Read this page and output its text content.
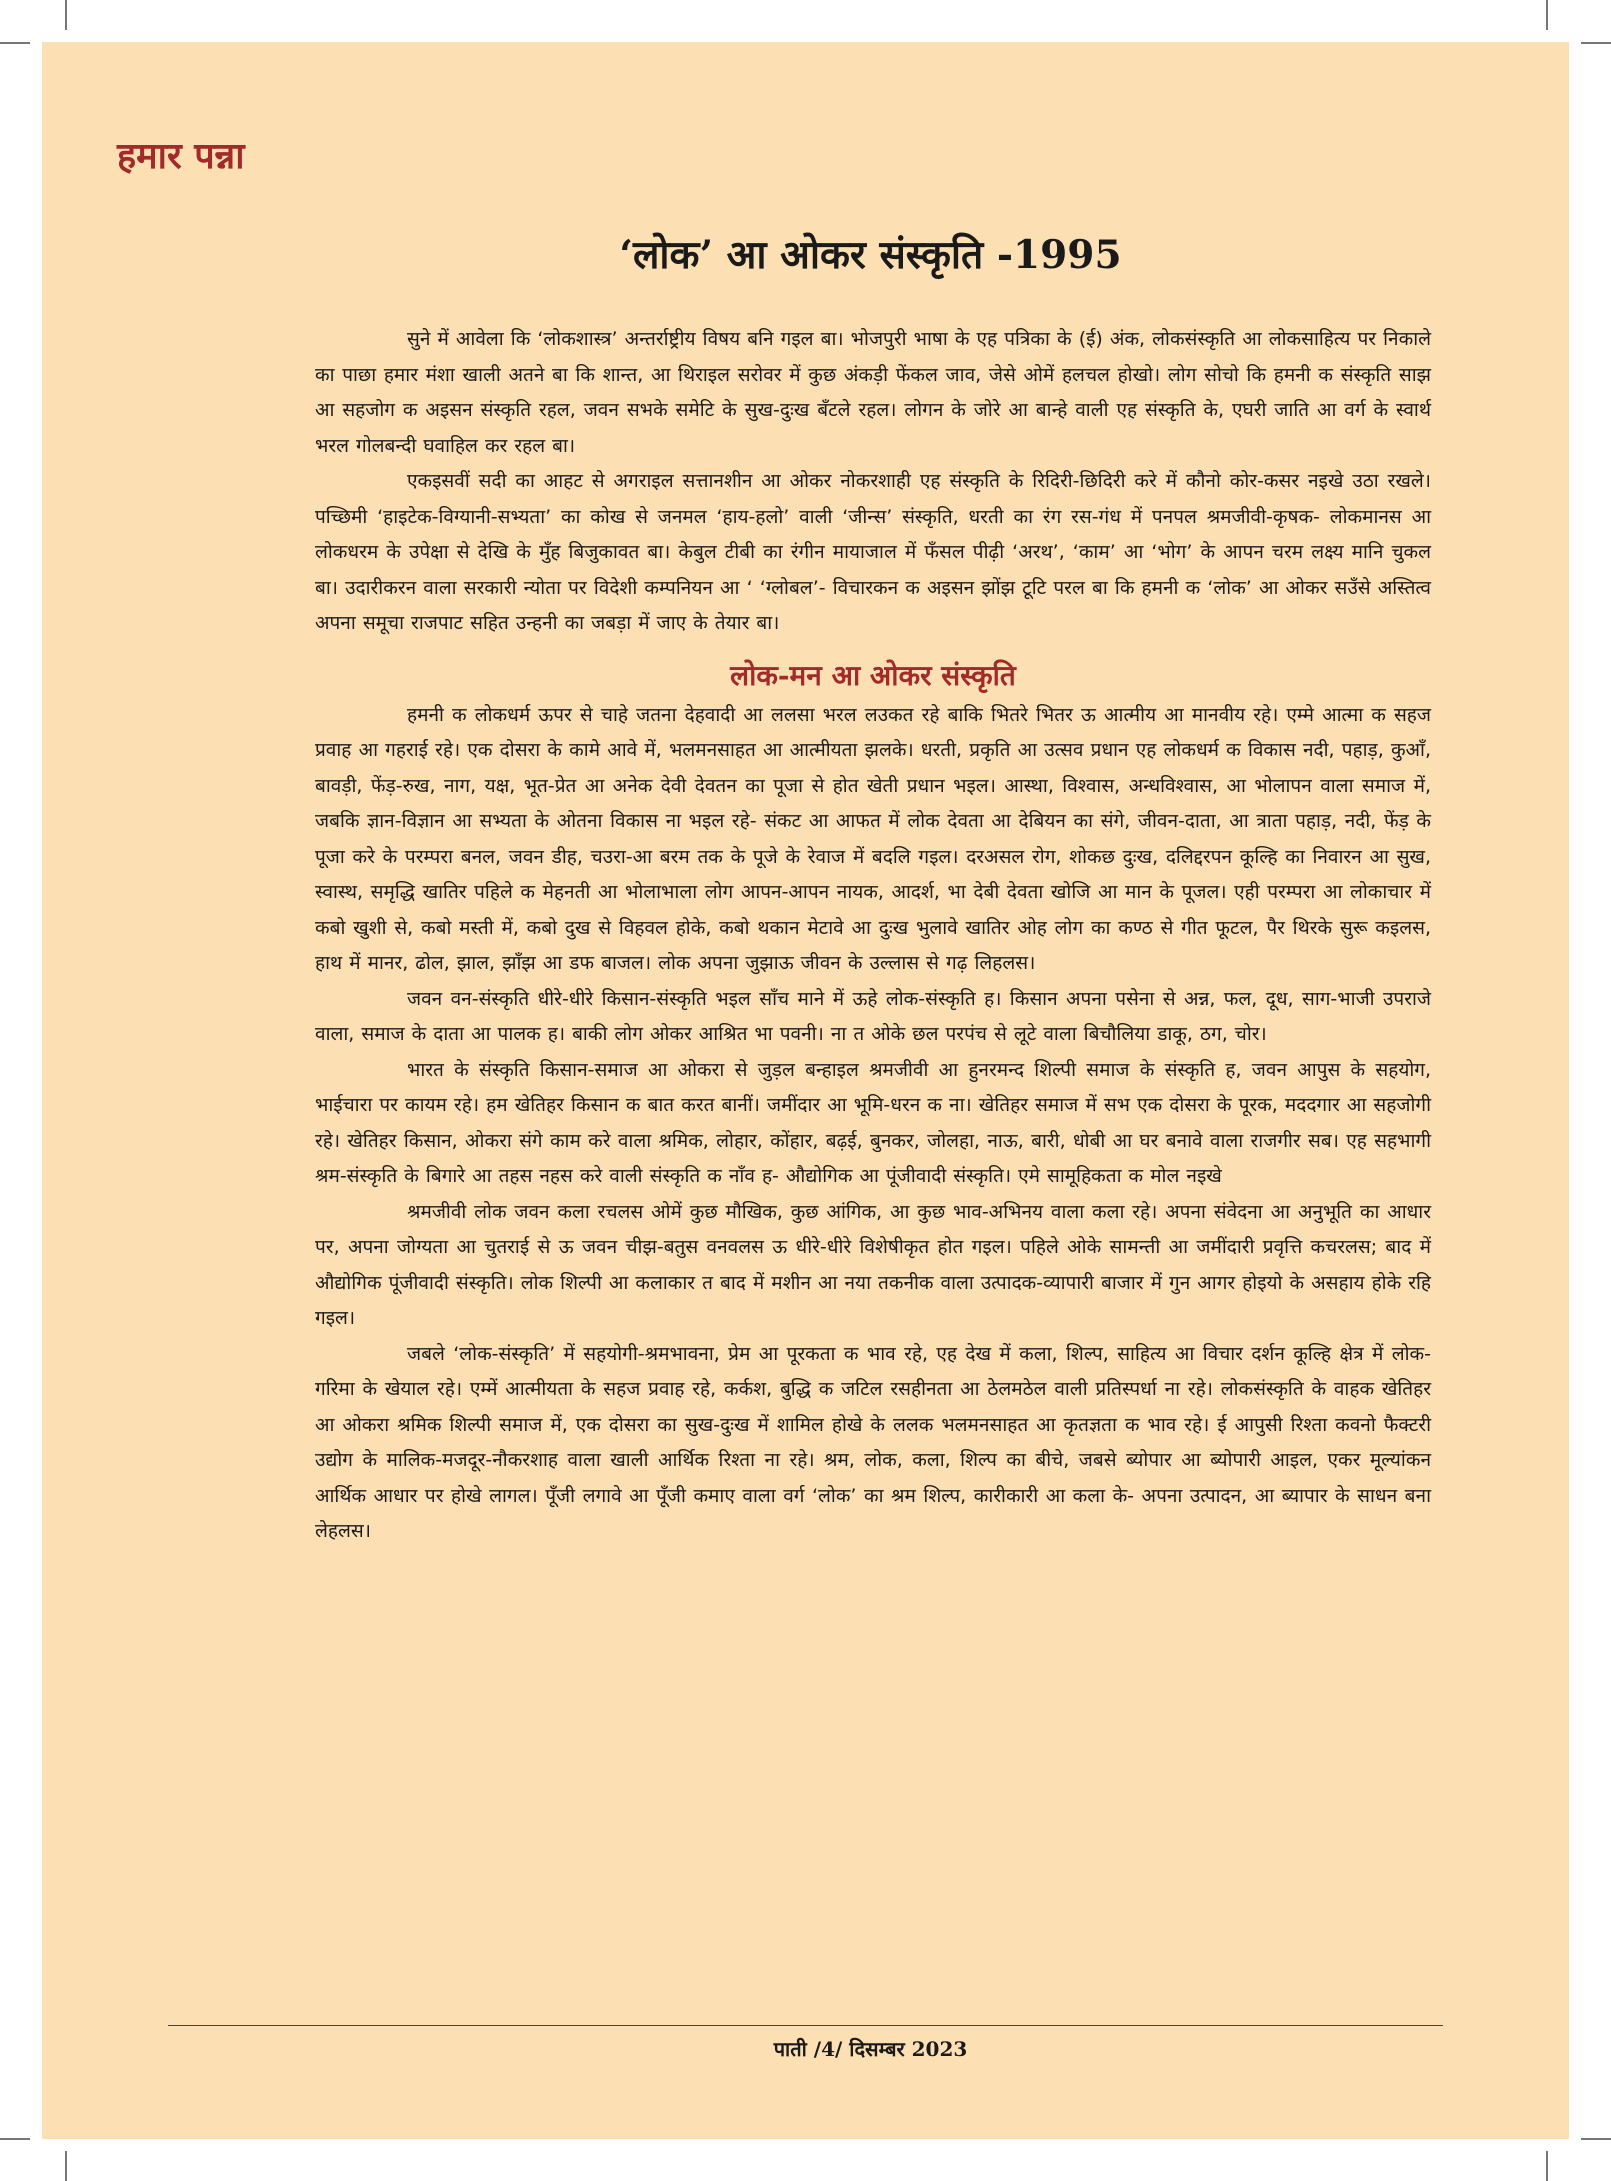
हमार पन्ना
‘लोक’ आ ओकर संस्कृति -1995

सुने में आवेला कि ‘लोकशास्त्र’ अन्तर्राष्ट्रीय विषय बनि गइल बा। भोजपुरी भाषा के एह पत्रिका के (ई) अंक, लोकसंस्कृति आ लोकसाहित्य पर निकाले का पाछा हमार मंशा खाली अतने बा कि शान्त, आ थिराइल सरोवर में कुछ अंकड़ी फेंकल जाव, जेसे ओमें हलचल होखो। लोग सोचो कि हमनी क संस्कृति साझ आ सहजोग क अइसन संस्कृति रहल, जवन सभके समेटि के सुख-दुःख बँटले रहल। लोगन के जोरे आ बान्हे वाली एह संस्कृति के, एघरी जाति आ वर्ग के स्वार्थ भरल गोलबन्दी घवाहिल कर रहल बा।

एकइसवीं सदी का आहट से अगराइल सत्तानशीन आ ओकर नोकरशाही एह संस्कृति के रिदिरी-छिदिरी करे में कौनो कोर-कसर नइखे उठा रखले। पच्छिमी ‘हाइटेक-विग्यानी-सभ्यता’ का कोख से जनमल ‘हाय-हलो’ वाली ‘जीन्स’ संस्कृति, धरती का रंग रस-गंध में पनपल श्रमजीवी-कृषक- लोकमानस आ लोकधरम के उपेक्षा से देखि के मुँह बिजुकावत बा। केबुल टीबी का रंगीन मायाजाल में फँसल पीढ़ी ‘अरथ’, ‘काम’ आ ‘भोग’ के आपन चरम लक्ष्य मानि चुकल बा। उदारीकरन वाला सरकारी न्योता पर विदेशी कम्पनियन आ ‘ ‘ग्लोबल’- विचारकन क अइसन झोंझ टूटि परल बा कि हमनी क ‘लोक’ आ ओकर सउँसे अस्तित्व अपना समूचा राजपाट सहित उन्हनी का जबड़ा में जाए के तेयार बा।

लोक-मन आ ओकर संस्कृति

हमनी क लोकधर्म ऊपर से चाहे जतना देहवादी आ ललसा भरल लउकत रहे बाकि भितरे भितर ऊ आत्मीय आ मानवीय रहे। एम्मे आत्मा क सहज प्रवाह आ गहराई रहे। एक दोसरा के कामे आवे में, भलमनसाहत आ आत्मीयता झलके। धरती, प्रकृति आ उत्सव प्रधान एह लोकधर्म क विकास नदी, पहाड़, कुआँ, बावड़ी, फेंड़-रुख, नाग, यक्ष, भूत-प्रेत आ अनेक देवी देवतन का पूजा से होत खेती प्रधान भइल। आस्था, विश्वास, अन्धविश्वास, आ भोलापन वाला समाज में, जबकि ज्ञान-विज्ञान आ सभ्यता के ओतना विकास ना भइल रहे- संकट आ आफत में लोक देवता आ देबियन का संगे, जीवन-दाता, आ त्राता पहाड़, नदी, फेंड़ के पूजा करे के परम्परा बनल, जवन डीह, चउरा-आ बरम तक के पूजे के रेवाज में बदलि गइल। दरअसल रोग, शोकछ दुःख, दलिद्दरपन कूल्हि का निवारन आ सुख, स्वास्थ, समृद्धि खातिर पहिले क मेहनती आ भोलाभाला लोग आपन-आपन नायक, आदर्श, भा देबी देवता खोजि आ मान के पूजल। एही परम्परा आ लोकाचार में कबो खुशी से, कबो मस्ती में, कबो दुख से विहवल होके, कबो थकान मेटावे आ दुःख भुलावे खातिर ओह लोग का कण्ठ से गीत फूटल, पैर थिरके सुरू कइलस, हाथ में मानर, ढोल, झाल, झाँझ आ डफ बाजल। लोक अपना जुझाऊ जीवन के उल्लास से गढ़ लिहलस।

जवन वन-संस्कृति धीरे-धीरे किसान-संस्कृति भइल साँच माने में ऊहे लोक-संस्कृति ह। किसान अपना पसेना से अन्न, फल, दूध, साग-भाजी उपराजे वाला, समाज के दाता आ पालक ह। बाकी लोग ओकर आश्रित भा पवनी। ना त ओके छल परपंच से लूटे वाला बिचौलिया डाकू, ठग, चोर।

भारत के संस्कृति किसान-समाज आ ओकरा से जुड़ल बन्हाइल श्रमजीवी आ हुनरमन्द शिल्पी समाज के संस्कृति ह, जवन आपुस के सहयोग, भाईचारा पर कायम रहे। हम खेतिहर किसान क बात करत बानीं। जमींदार आ भूमि-धरन क ना। खेतिहर समाज में सभ एक दोसरा के पूरक, मददगार आ सहजोगी रहे। खेतिहर किसान, ओकरा संगे काम करे वाला श्रमिक, लोहार, कोंहार, बढ़ई, बुनकर, जोलहा, नाऊ, बारी, धोबी आ घर बनावे वाला राजगीर सब। एह सहभागी श्रम-संस्कृति के बिगारे आ तहस नहस करे वाली संस्कृति क नाँव ह- औद्योगिक आ पूंजीवादी संस्कृति। एमे सामूहिकता क मोल नइखे

श्रमजीवी लोक जवन कला रचलस ओमें कुछ मौखिक, कुछ आंगिक, आ कुछ भाव-अभिनय वाला कला रहे। अपना संवेदना आ अनुभूति का आधार पर, अपना जोग्यता आ चुतराई से ऊ जवन चीझ-बतुस वनवलस ऊ धीरे-धीरे विशेषीकृत होत गइल। पहिले ओके सामन्ती आ जमींदारी प्रवृत्ति कचरलस; बाद में औद्योगिक पूंजीवादी संस्कृति। लोक शिल्पी आ कलाकार त बाद में मशीन आ नया तकनीक वाला उत्पादक-व्यापारी बाजार में गुन आगर होइयो के असहाय होके रहि गइल।

जबले ‘लोक-संस्कृति’ में सहयोगी-श्रमभावना, प्रेम आ पूरकता क भाव रहे, एह देख में कला, शिल्प, साहित्य आ विचार दर्शन कूल्हि क्षेत्र में लोक-गरिमा के खेयाल रहे। एम्में आत्मीयता के सहज प्रवाह रहे, कर्कश, बुद्धि क जटिल रसहीनता आ ठेलमठेल वाली प्रतिस्पर्धा ना रहे। लोकसंस्कृति के वाहक खेतिहर आ ओकरा श्रमिक शिल्पी समाज में, एक दोसरा का सुख-दुःख में शामिल होखे के ललक भलमनसाहत आ कृतज्ञता क भाव रहे। ई आपुसी रिश्ता कवनो फैक्टरी उद्योग के मालिक-मजदूर-नौकरशाह वाला खाली आर्थिक रिश्ता ना रहे। श्रम, लोक, कला, शिल्प का बीचे, जबसे ब्योपार आ ब्योपारी आइल, एकर मूल्यांकन आर्थिक आधार पर होखे लागल। पूँजी लगावे आ पूँजी कमाए वाला वर्ग ‘लोक’ का श्रम शिल्प, कारीकारी आ कला के- अपना उत्पादन, आ ब्यापार के साधन बना लेहलस।

पाती /4/ दिसम्बर 2023
